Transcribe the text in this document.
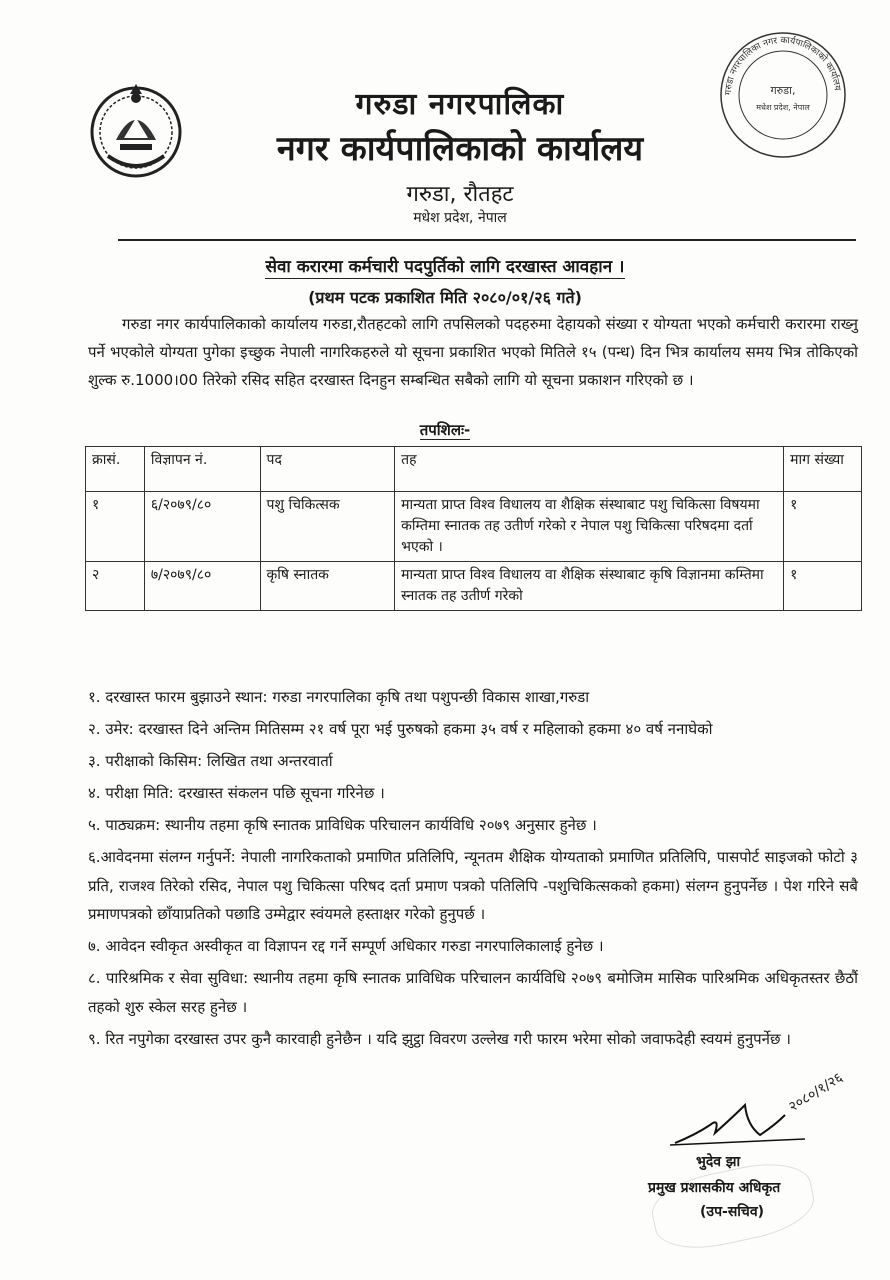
गरुडा नगरपालिका
नगर कार्यपालिकाको कार्यालय
गरुडा, रौतहट
मधेश प्रदेश, नेपाल
गरुडा नगरपालिका नगर कार्यपालिकाको कार्यालय
गरुडा,
मधेश प्रदेश, नेपाल
सेवा करारमा कर्मचारी पदपुर्तिको लागि दरखास्त आवहान ।
(प्रथम पटक प्रकाशित मिति २०८०/०१/२६ गते)
गरुडा नगर कार्यपालिकाको कार्यालय गरुडा,रौतहटको लागि तपसिलको पदहरुमा देहायको संख्या र योग्यता भएको कर्मचारी करारमा राख्नु पर्ने भएकोले योग्यता पुगेका इच्छुक नेपाली नागरिकहरुले यो सूचना प्रकाशित भएको मितिले १५ (पन्ध) दिन भित्र कार्यालय समय भित्र तोकिएको शुल्क रु.1000।00 तिरेको रसिद सहित दरखास्त दिनहुन सम्बन्धित सबैको लागि यो सूचना प्रकाशन गरिएको छ ।
तपशिलः-
क्रासं.	विज्ञापन नं.	पद	तह	माग संख्या
१	६/२०७९/८०	पशु चिकित्सक	मान्यता प्राप्त विश्व विधालय वा शैक्षिक संस्थाबाट पशु चिकित्सा विषयमा कम्तिमा स्नातक तह उतीर्ण गरेको र नेपाल पशु चिकित्सा परिषदमा दर्ता भएको ।	१
२	७/२०७९/८०	कृषि स्नातक	मान्यता प्राप्त विश्व विधालय वा शैक्षिक संस्थाबाट कृषि विज्ञानमा कम्तिमा स्नातक तह उतीर्ण गरेको	१

१. दरखास्त फारम बुझाउने स्थान: गरुडा नगरपालिका कृषि तथा पशुपन्छी विकास शाखा,गरुडा

२. उमेर: दरखास्त दिने अन्तिम मितिसम्म २१ वर्ष पूरा भई पुरुषको हकमा ३५ वर्ष र महिलाको हकमा ४० वर्ष ननाघेको

३. परीक्षाको किसिम: लिखित तथा अन्तरवार्ता

४. परीक्षा मिति: दरखास्त संकलन पछि सूचना गरिनेछ ।

५. पाठ्यक्रम: स्थानीय तहमा कृषि स्नातक प्राविधिक परिचालन कार्यविधि २०७९ अनुसार हुनेछ ।

६.आवेदनमा संलग्न गर्नुपर्ने: नेपाली नागरिकताको प्रमाणित प्रतिलिपि, न्यूनतम शैक्षिक योग्यताको प्रमाणित प्रतिलिपि, पासपोर्ट साइजको फोटो ३ प्रति, राजश्व तिरेको रसिद, नेपाल पशु चिकित्सा परिषद दर्ता प्रमाण पत्रको पतिलिपि -पशुचिकित्सकको हकमा) संलग्न हुनुपर्नेछ । पेश गरिने सबै प्रमाणपत्रको छाँयाप्रतिको पछाडि उम्मेद्वार स्वंयमले हस्ताक्षर गरेको हुनुपर्छ ।

७. आवेदन स्वीकृत अस्वीकृत वा विज्ञापन रद्द गर्ने सम्पूर्ण अधिकार गरुडा नगरपालिकालाई हुनेछ ।

८. पारिश्रमिक र सेवा सुविधा: स्थानीय तहमा कृषि स्नातक प्राविधिक परिचालन कार्यविधि २०७९ बमोजिम मासिक पारिश्रमिक अधिकृतस्तर छैठौं तहको शुरु स्केल सरह हुनेछ ।

९. रित नपुगेका दरखास्त उपर कुनै कारवाही हुनेछैन । यदि झुट्ठा विवरण उल्लेख गरी फारम भरेमा सोको जवाफदेही स्वयमं हुनुपर्नेछ ।

२०८०/१/२६
भुदेव झा
प्रमुख प्रशासकीय अधिकृत
(उप-सचिव)
